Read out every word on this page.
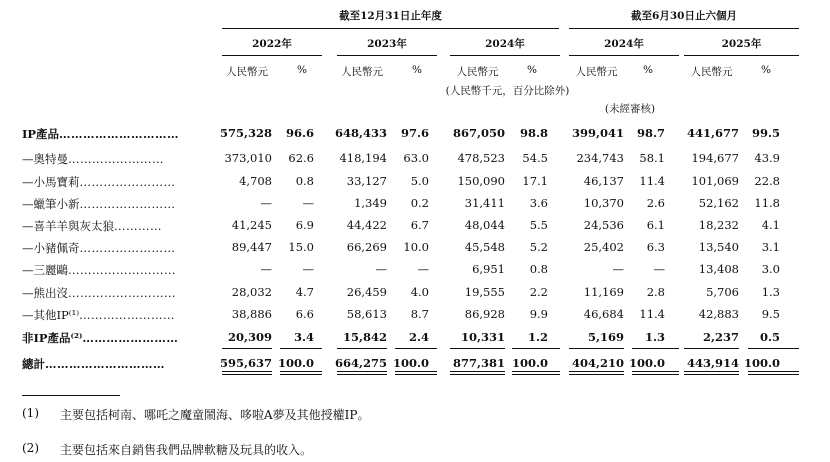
截至12月31日止年度	截至6月30日止六個月
2022年	2023年	2024年	2024年	2025年
人民幣元	%	人民幣元	%	人民幣元	%	人民幣元	%	人民幣元	%
(人民幣千元，百分比除外)
(未經審核)
IP產品…………………………	575,328 96.6 648,433 97.6 867,050 98.8 399,041 98.7 441,677 99.5
—奧特曼……………………	373,010 62.6 418,194 63.0 478,523 54.5 234,743 58.1 194,677 43.9
—小馬寶莉……………………	4,708 0.8	33,127 5.0 150,090 17.1	46,137 11.4 101,069 22.8
—蠟筆小新……………………	—	—	1,349 0.2	31,411 3.6	10,370 2.6	52,162 11.8
—喜羊羊與灰太狼…………	41,245 6.9	44,422 6.7	48,044 5.5	24,536 6.1	18,232 4.1
—小豬佩奇……………………	89,447 15.0	66,269 10.0	45,548 5.2	25,402 6.3	13,540 3.1
—三麗鷗………………………	—	—	—	—	6,951 0.8	—	—	13,408 3.0
—熊出沒………………………	28,032 4.7	26,459 4.0	19,555 2.2	11,169 2.8	5,706 1.3
—其他IP⁽¹⁾……………………	38,886 6.6	58,613 8.7	86,928 9.9	46,684 11.4	42,883 9.5
非IP產品⁽²⁾……………………	20,309 3.4	15,842 2.4	10,331 1.2	5,169 1.3	2,237 0.5
總計…………………………	595,637 100.0 664,275 100.0 877,381 100.0 404,210 100.0 443,914 100.0
(1) 主要包括柯南、哪吒之魔童鬧海、哆啦A夢及其他授權IP。
(2) 主要包括來自銷售我們品牌軟糖及玩具的收入。
